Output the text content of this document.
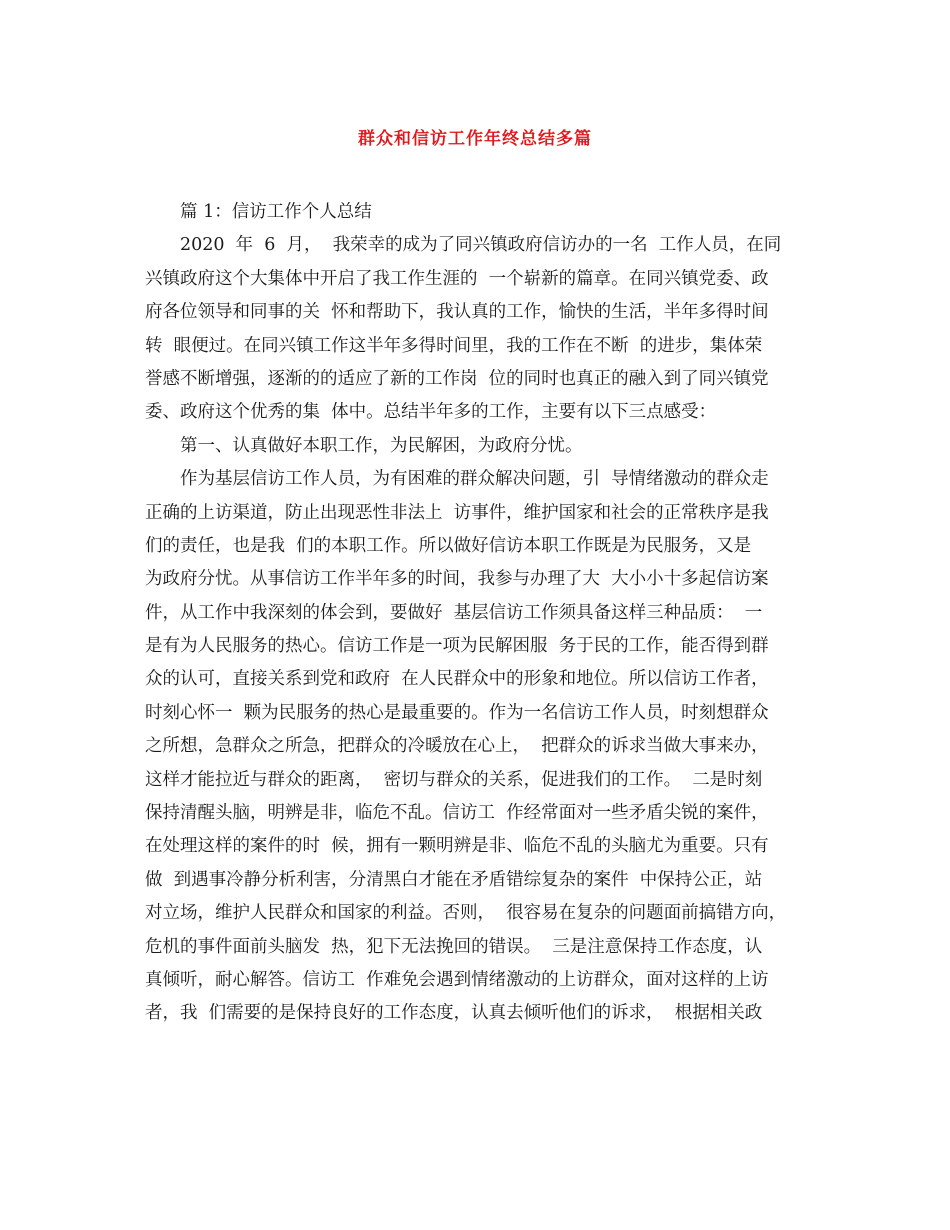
群众和信访工作年终总结多篇
篇 1：信访工作个人总结
2020  年  6  月，  我荣幸的成为了同兴镇政府信访办的一名  工作人员，在同
兴镇政府这个大集体中开启了我工作生涯的  一个崭新的篇章。在同兴镇党委、政
府各位领导和同事的关  怀和帮助下，我认真的工作，愉快的生活，半年多得时间
转  眼便过。在同兴镇工作这半年多得时间里，我的工作在不断  的进步，集体荣
誉感不断增强，逐渐的的适应了新的工作岗  位的同时也真正的融入到了同兴镇党
委、政府这个优秀的集  体中。总结半年多的工作，主要有以下三点感受：
第一、认真做好本职工作，为民解困，为政府分忧。
作为基层信访工作人员，为有困难的群众解决问题，引  导情绪激动的群众走
正确的上访渠道，防止出现恶性非法上  访事件，维护国家和社会的正常秩序是我
们的责任，也是我  们的本职工作。所以做好信访本职工作既是为民服务，又是
为政府分忧。从事信访工作半年多的时间，我参与办理了大  大小小十多起信访案
件，从工作中我深刻的体会到，要做好  基层信访工作须具备这样三种品质：  一
是有为人民服务的热心。信访工作是一项为民解困服  务于民的工作，能否得到群
众的认可，直接关系到党和政府  在人民群众中的形象和地位。所以信访工作者，
时刻心怀一  颗为民服务的热心是最重要的。作为一名信访工作人员，时刻想群众
之所想，急群众之所急，把群众的冷暖放在心上，  把群众的诉求当做大事来办，
这样才能拉近与群众的距离，  密切与群众的关系，促进我们的工作。  二是时刻
保持清醒头脑，明辨是非，临危不乱。信访工  作经常面对一些矛盾尖锐的案件，
在处理这样的案件的时  候，拥有一颗明辨是非、临危不乱的头脑尤为重要。只有
做  到遇事冷静分析利害，分清黑白才能在矛盾错综复杂的案件  中保持公正，站
对立场，维护人民群众和国家的利益。否则，  很容易在复杂的问题面前搞错方向，
危机的事件面前头脑发  热，犯下无法挽回的错误。  三是注意保持工作态度，认
真倾听，耐心解答。信访工  作难免会遇到情绪激动的上访群众，面对这样的上访
者，我  们需要的是保持良好的工作态度，认真去倾听他们的诉求，  根据相关政
